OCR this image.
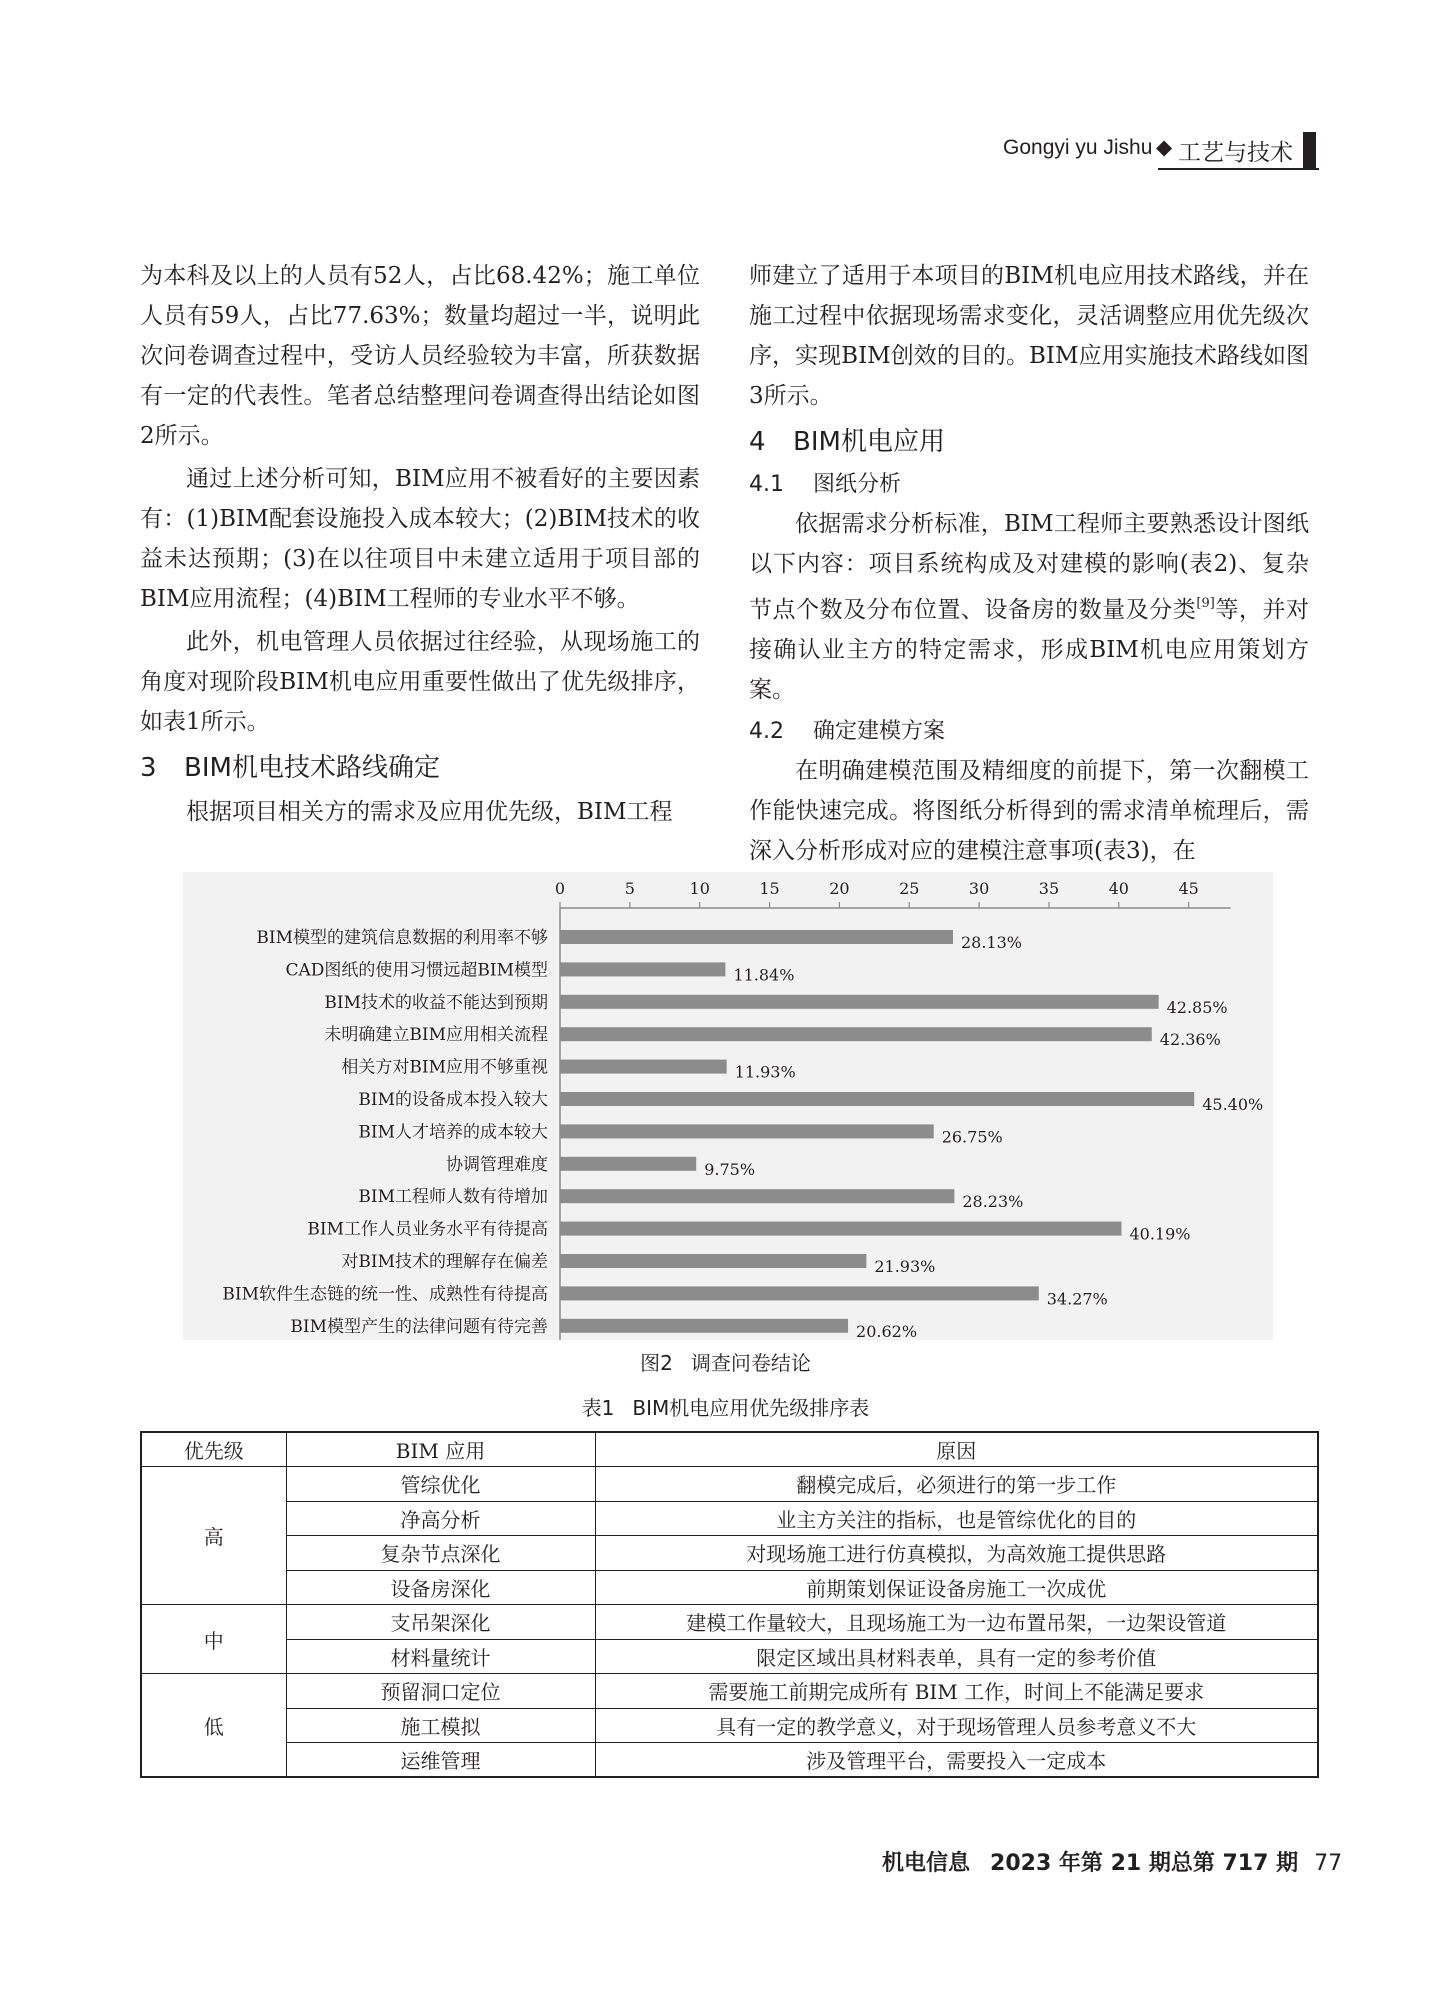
Gongyi yu Jishu ◆ 工艺与技术

为本科及以上的人员有52人，占比68.42%；施工单位人员有59人，占比77.63%；数量均超过一半，说明此次问卷调查过程中，受访人员经验较为丰富，所获数据有一定的代表性。笔者总结整理问卷调查得出结论如图2所示。

通过上述分析可知，BIM应用不被看好的主要因素有：(1)BIM配套设施投入成本较大；(2)BIM技术的收益未达预期；(3)在以往项目中未建立适用于项目部的BIM应用流程；(4)BIM工程师的专业水平不够。

此外，机电管理人员依据过往经验，从现场施工的角度对现阶段BIM机电应用重要性做出了优先级排序，如表1所示。

3 BIM机电技术路线确定

根据项目相关方的需求及应用优先级，BIM工程

师建立了适用于本项目的BIM机电应用技术路线，并在施工过程中依据现场需求变化，灵活调整应用优先级次序，实现BIM创效的目的。BIM应用实施技术路线如图3所示。

4 BIM机电应用
4.1 图纸分析

依据需求分析标准，BIM工程师主要熟悉设计图纸以下内容：项目系统构成及对建模的影响(表2)、复杂节点个数及分布位置、设备房的数量及分类[9]等，并对接确认业主方的特定需求，形成BIM机电应用策划方案。

4.2 确定建模方案

在明确建模范围及精细度的前提下，第一次翻模工作能快速完成。将图纸分析得到的需求清单梳理后，需深入分析形成对应的建模注意事项(表3)，在

0	5	10	15	20	25	30	35	40	45
BIM模型的建筑信息数据的利用率不够	28.13%
CAD图纸的使用习惯远超BIM模型	11.84%
BIM技术的收益不能达到预期	42.85%
未明确建立BIM应用相关流程	42.36%
相关方对BIM应用不够重视	11.93%
BIM的设备成本投入较大	45.40%
BIM人才培养的成本较大	26.75%
协调管理难度	9.75%
BIM工程师人数有待增加	28.23%
BIM工作人员业务水平有待提高	40.19%
对BIM技术的理解存在偏差	21.93%
BIM软件生态链的统一性、成熟性有待提高	34.27%
BIM模型产生的法律问题有待完善	20.62%
图2 调查问卷结论
表1 BIM机电应用优先级排序表
优先级	BIM 应用	原因
高	管综优化	翻模完成后，必须进行的第一步工作
	净高分析	业主方关注的指标，也是管综优化的目的
	复杂节点深化	对现场施工进行仿真模拟，为高效施工提供思路
	设备房深化	前期策划保证设备房施工一次成优
中	支吊架深化	建模工作量较大，且现场施工为一边布置吊架，一边架设管道
	材料量统计	限定区域出具材料表单，具有一定的参考价值
低	预留洞口定位	需要施工前期完成所有 BIM 工作，时间上不能满足要求
	施工模拟	具有一定的教学意义，对于现场管理人员参考意义不大
	运维管理	涉及管理平台，需要投入一定成本
机电信息 2023 年第 21 期总第 717 期 77
